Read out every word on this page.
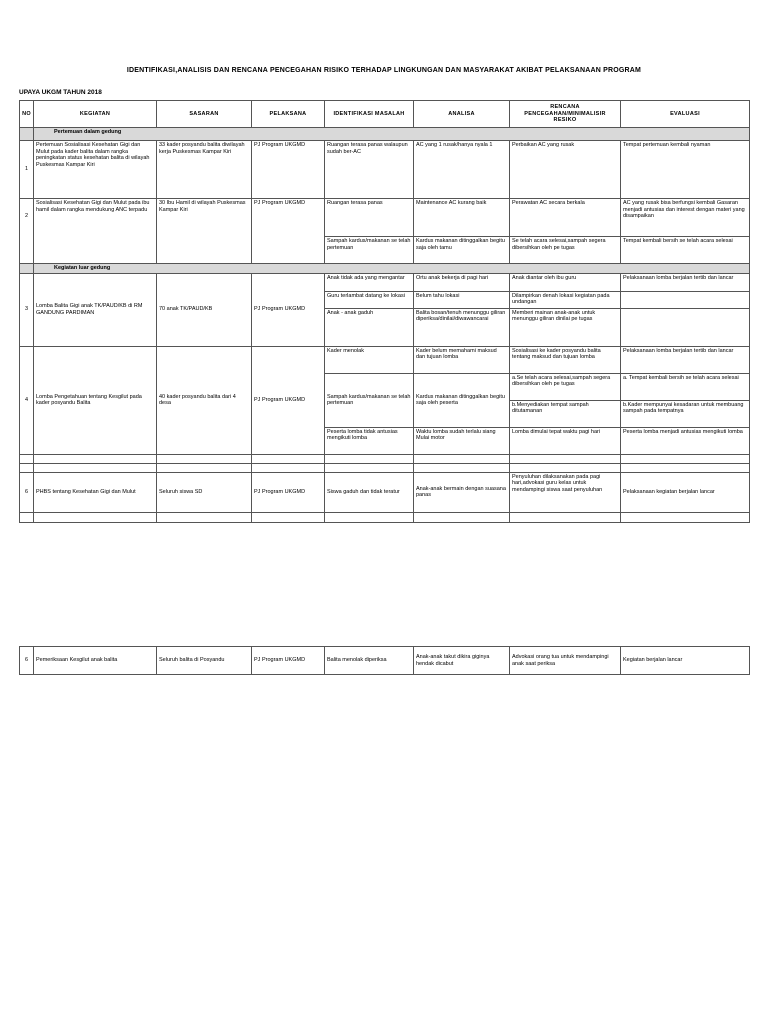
IDENTIFIKASI,ANALISIS DAN RENCANA PENCEGAHAN RISIKO TERHADAP LINGKUNGAN DAN MASYARAKAT AKIBAT PELAKSANAAN PROGRAM
UPAYA UKGM TAHUN 2018
NO	KEGIATAN	SASARAN	PELAKSANA	IDENTIFIKASI MASALAH	ANALISA	RENCANA PENCEGAHAN/MINIMALISIR RESIKO	EVALUASI
	Pertemuan dalam gedung						
1	Pertemuan Sosialisasi Kesehatan Gigi dan Mulut pada kader balita dalam rangka peningkatan status kesehatan balita di wilayah Puskesmas Kampar Kiri	33 kader posyandu balita diwilayah kerja Puskesmas Kampar Kiri	PJ Program UKGMD	Ruangan terasa panas walaupun sudah ber-AC	AC yang 1 rusak/hanya nyala 1	Perbaikan AC yang rusak	Tempat pertemuan kembali nyaman
2	Sosialisasi Kesehatan Gigi dan Mulut pada ibu hamil dalam rangka mendukung ANC terpadu	30 Ibu Hamil di wilayah Puskesmas Kampar Kiri	PJ Program UKGMD	Ruangan terasa panas	Maintenance AC kurang baik	Perawatan AC secara berkala	AC yang rusak bisa berfungsi kembali Gasaran menjadi antusias dan interest dengan materi yang disampaikan
				Sampah kardus/makanan se telah pertemuan	Kardus makanan ditinggalkan begitu saja oleh tamu	Se telah acara selesai,sampah segera dibersihkan oleh pe tugas	Tempat kembali bersih se telah acara selesai
	Kegiatan luar gedung						
3	Lomba Balita Gigi anak TK/PAUD/KB di RM GANDUNG PARDIMAN	70 anak TK/PAUD/KB	PJ Program UKGMD	Anak tidak ada yang mengantar	Ortu anak bekerja di pagi hari	Anak diantar oleh ibu guru	Pelaksanaan lomba berjalan tertib dan lancar
				Guru terlambat datang ke lokasi	Belum tahu lokasi	Dilampirkan denah lokasi kegiatan pada undangan	
				Anak - anak gaduh	Balita bosan/tenuh menunggu giliran diperiksa/dinilai/diwawancarai	Memberi mainan anak-anak untuk menunggu giliran dinilai pe tugas	
4	Lomba Pengetahuan tentang Kesgilut pada kader posyandu Balita	40 kader posyandu balita dari 4 desa	PJ Program UKGMD	Kader menolak	Kader belum memahami maksud dan tujuan lomba	Sosialisasi ke kader posyandu balita tentang maksud dan tujuan lomba	Pelaksanaan lomba berjalan tertib dan lancar
				Sampah kardus/makanan se telah pertemuan	Kardus makanan ditinggalkan begitu saja oleh peserta	a.Se telah acara selesai,sampah segera dibersihkan oleh pe tugas	a. Tempat kembali bersih se telah acara selesai
						b.Menyediakan tempat sampah ditutamanan	b.Kader mempunyai kesadaran untuk membuang sampah pada tempatnya
				Peserta lomba tidak antusias mengikuti lomba	Waktu lomba sudah terlalu siang Mulai motor	Lomba dimulai tepat waktu pagi hari	Peserta lomba menjadi antusias mengikuti lomba

6	PHBS tentang Kesehatan Gigi dan Mulut	Seluruh siswa SD	PJ Program UKGMD	Siswa gaduh dan tidak teratur	Anak-anak bermain dengan suasana panas	Penyuluhan dilaksanakan pada pagi hari,advokasi guru kelas untuk mendampingi siswa saat penyuluhan	Pelaksanaan kegiatan berjalan lancar

6	Pemeriksaan Kesgilut anak balita	Seluruh balita di Posyandu	PJ Program UKGMD	Balita menolak diperiksa	Anak-anak takut dikira giginya hendak dicabut	Advokasi orang tua untuk mendampingi anak saat periksa	Kegiatan berjalan lancar
